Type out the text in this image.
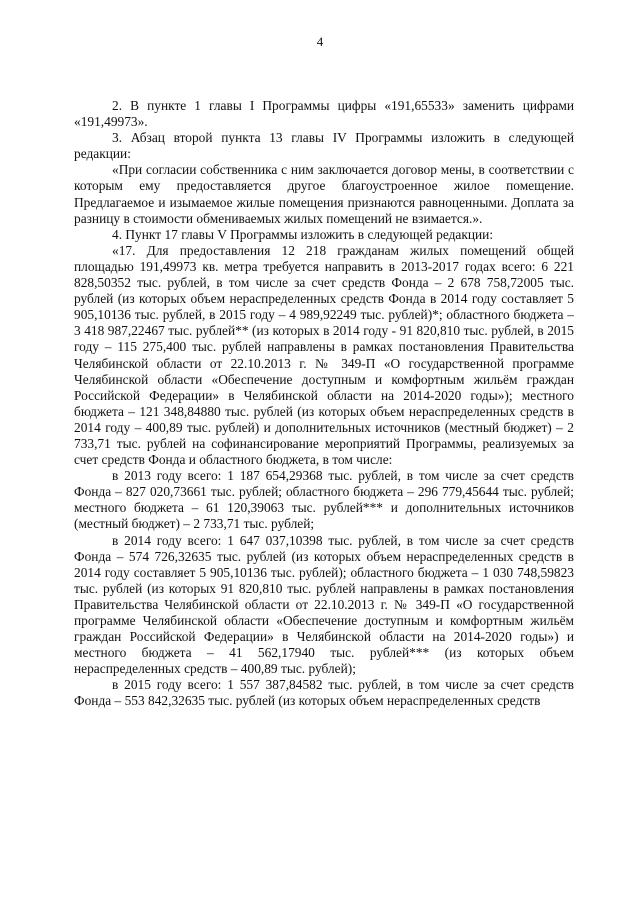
4

2. В пункте 1 главы I Программы цифры «191,65533» заменить цифрами «191,49973».

3. Абзац второй пункта 13 главы IV Программы изложить в следующей редакции:

«При согласии собственника с ним заключается договор мены, в соответствии с которым ему предоставляется другое благоустроенное жилое помещение. Предлагаемое и изымаемое жилые помещения признаются равноценными. Доплата за разницу в стоимости обмениваемых жилых помещений не взимается.».

4. Пункт 17 главы V Программы изложить в следующей редакции:

«17. Для предоставления 12 218 гражданам жилых помещений общей площадью 191,49973 кв. метра требуется направить в 2013-2017 годах всего: 6 221 828,50352 тыс. рублей, в том числе за счет средств Фонда – 2 678 758,72005 тыс. рублей (из которых объем нераспределенных средств Фонда в 2014 году составляет 5 905,10136 тыс. рублей, в 2015 году – 4 989,92249 тыс. рублей)*; областного бюджета – 3 418 987,22467 тыс. рублей** (из которых в 2014 году - 91 820,810 тыс. рублей, в 2015 году – 115 275,400 тыс. рублей направлены в рамках постановления Правительства Челябинской области от 22.10.2013 г. № 349-П «О государственной программе Челябинской области «Обеспечение доступным и комфортным жильём граждан Российской Федерации» в Челябинской области на 2014-2020 годы»); местного бюджета – 121 348,84880 тыс. рублей (из которых объем нераспределенных средств в 2014 году – 400,89 тыс. рублей) и дополнительных источников (местный бюджет) – 2 733,71 тыс. рублей на софинансирование мероприятий Программы, реализуемых за счет средств Фонда и областного бюджета, в том числе:

в 2013 году всего: 1 187 654,29368 тыс. рублей, в том числе за счет средств Фонда – 827 020,73661 тыс. рублей; областного бюджета – 296 779,45644 тыс. рублей; местного бюджета – 61 120,39063 тыс. рублей*** и дополнительных источников (местный бюджет) – 2 733,71 тыс. рублей;

в 2014 году всего: 1 647 037,10398 тыс. рублей, в том числе за счет средств Фонда – 574 726,32635 тыс. рублей (из которых объем нераспределенных средств в 2014 году составляет 5 905,10136 тыс. рублей); областного бюджета – 1 030 748,59823 тыс. рублей (из которых 91 820,810 тыс. рублей направлены в рамках постановления Правительства Челябинской области от 22.10.2013 г. № 349-П «О государственной программе Челябинской области «Обеспечение доступным и комфортным жильём граждан Российской Федерации» в Челябинской области на 2014-2020 годы») и местного бюджета – 41 562,17940 тыс. рублей*** (из которых объем нераспределенных средств – 400,89 тыс. рублей);

в 2015 году всего: 1 557 387,84582 тыс. рублей, в том числе за счет средств Фонда – 553 842,32635 тыс. рублей (из которых объем нераспределенных средств
